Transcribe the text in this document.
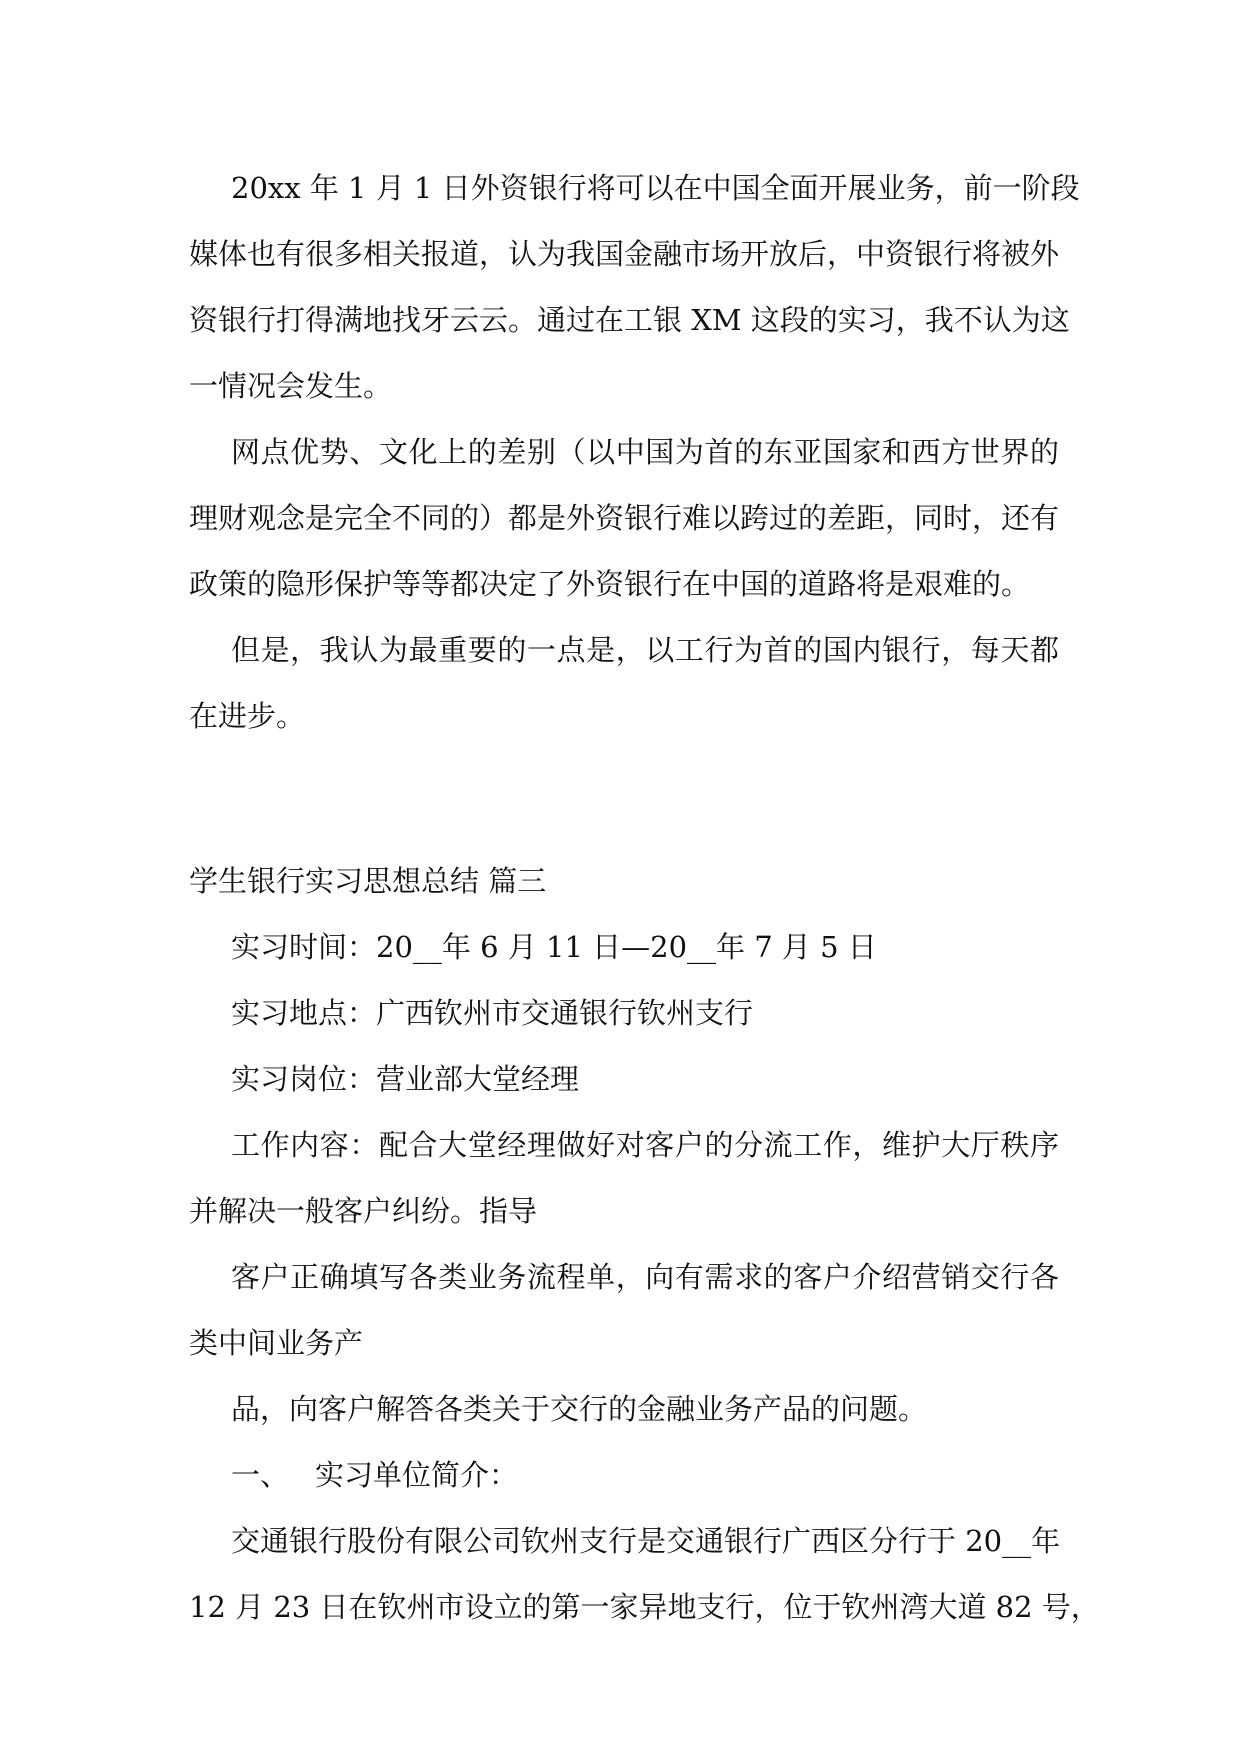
20xx 年 1 月 1 日外资银行将可以在中国全面开展业务，前一阶段
媒体也有很多相关报道，认为我国金融市场开放后，中资银行将被外
资银行打得满地找牙云云。通过在工银 XM 这段的实习，我不认为这
一情况会发生。
网点优势、文化上的差别（以中国为首的东亚国家和西方世界的
理财观念是完全不同的）都是外资银行难以跨过的差距，同时，还有
政策的隐形保护等等都决定了外资银行在中国的道路将是艰难的。
但是，我认为最重要的一点是，以工行为首的国内银行，每天都
在进步。
学生银行实习思想总结 篇三
实习时间：20__年 6 月 11 日—20__年 7 月 5 日
实习地点：广西钦州市交通银行钦州支行
实习岗位：营业部大堂经理
工作内容：配合大堂经理做好对客户的分流工作，维护大厅秩序
并解决一般客户纠纷。指导
客户正确填写各类业务流程单，向有需求的客户介绍营销交行各
类中间业务产
品，向客户解答各类关于交行的金融业务产品的问题。
一、 实习单位简介：
交通银行股份有限公司钦州支行是交通银行广西区分行于 20__年
12 月 23 日在钦州市设立的第一家异地支行，位于钦州湾大道 82 号，
